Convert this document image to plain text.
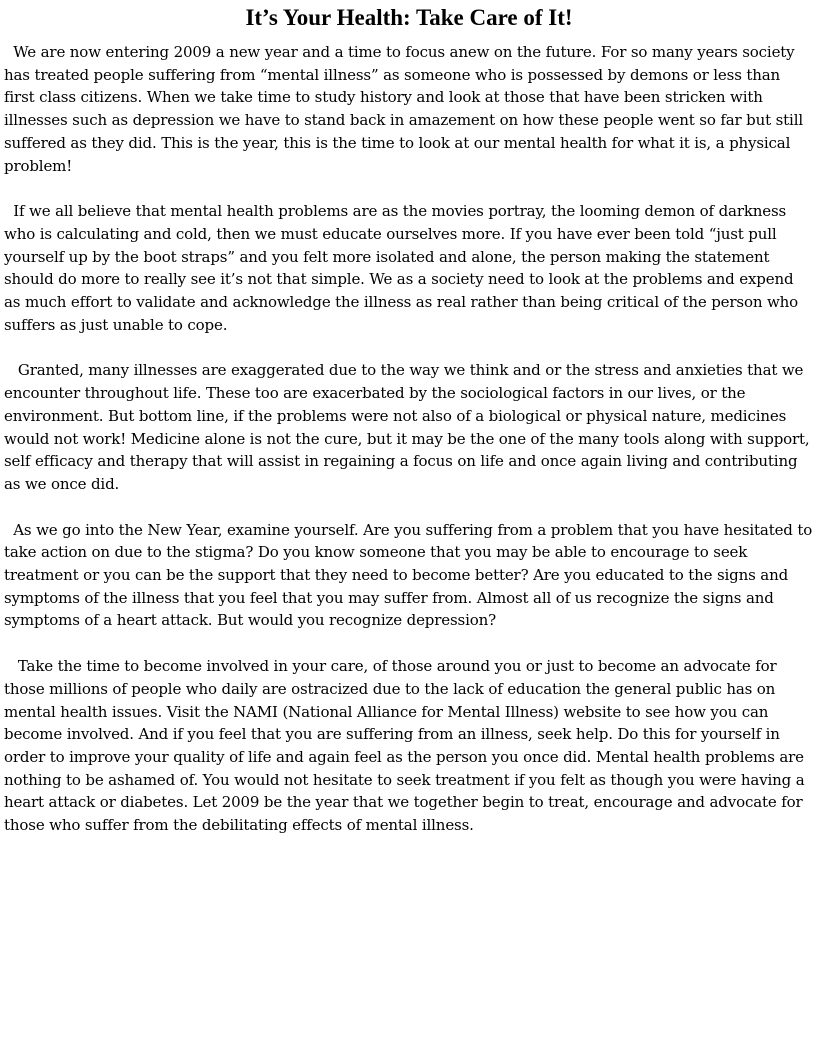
It’s Your Health: Take Care of It!

We are now entering 2009 a new year and a time to focus anew on the future. For so many years society has treated people suffering from “mental illness” as someone who is possessed by demons or less than first class citizens. When we take time to study history and look at those that have been stricken with illnesses such as depression we have to stand back in amazement on how these people went so far but still suffered as they did. This is the year, this is the time to look at our mental health for what it is, a physical problem!

If we all believe that mental health problems are as the movies portray, the looming demon of darkness who is calculating and cold, then we must educate ourselves more. If you have ever been told “just pull yourself up by the boot straps” and you felt more isolated and alone, the person making the statement should do more to really see it’s not that simple. We as a society need to look at the problems and expend as much effort to validate and acknowledge the illness as real rather than being critical of the person who suffers as just unable to cope.

Granted, many illnesses are exaggerated due to the way we think and or the stress and anxieties that we encounter throughout life. These too are exacerbated by the sociological factors in our lives, or the environment. But bottom line, if the problems were not also of a biological or physical nature, medicines would not work! Medicine alone is not the cure, but it may be the one of the many tools along with support, self efficacy and therapy that will assist in regaining a focus on life and once again living and contributing as we once did.

As we go into the New Year, examine yourself. Are you suffering from a problem that you have hesitated to take action on due to the stigma? Do you know someone that you may be able to encourage to seek treatment or you can be the support that they need to become better? Are you educated to the signs and symptoms of the illness that you feel that you may suffer from. Almost all of us recognize the signs and symptoms of a heart attack. But would you recognize depression?

Take the time to become involved in your care, of those around you or just to become an advocate for those millions of people who daily are ostracized due to the lack of education the general public has on mental health issues. Visit the NAMI (National Alliance for Mental Illness) website to see how you can become involved. And if you feel that you are suffering from an illness, seek help. Do this for yourself in order to improve your quality of life and again feel as the person you once did. Mental health problems are nothing to be ashamed of. You would not hesitate to seek treatment if you felt as though you were having a heart attack or diabetes. Let 2009 be the year that we together begin to treat, encourage and advocate for those who suffer from the debilitating effects of mental illness.
